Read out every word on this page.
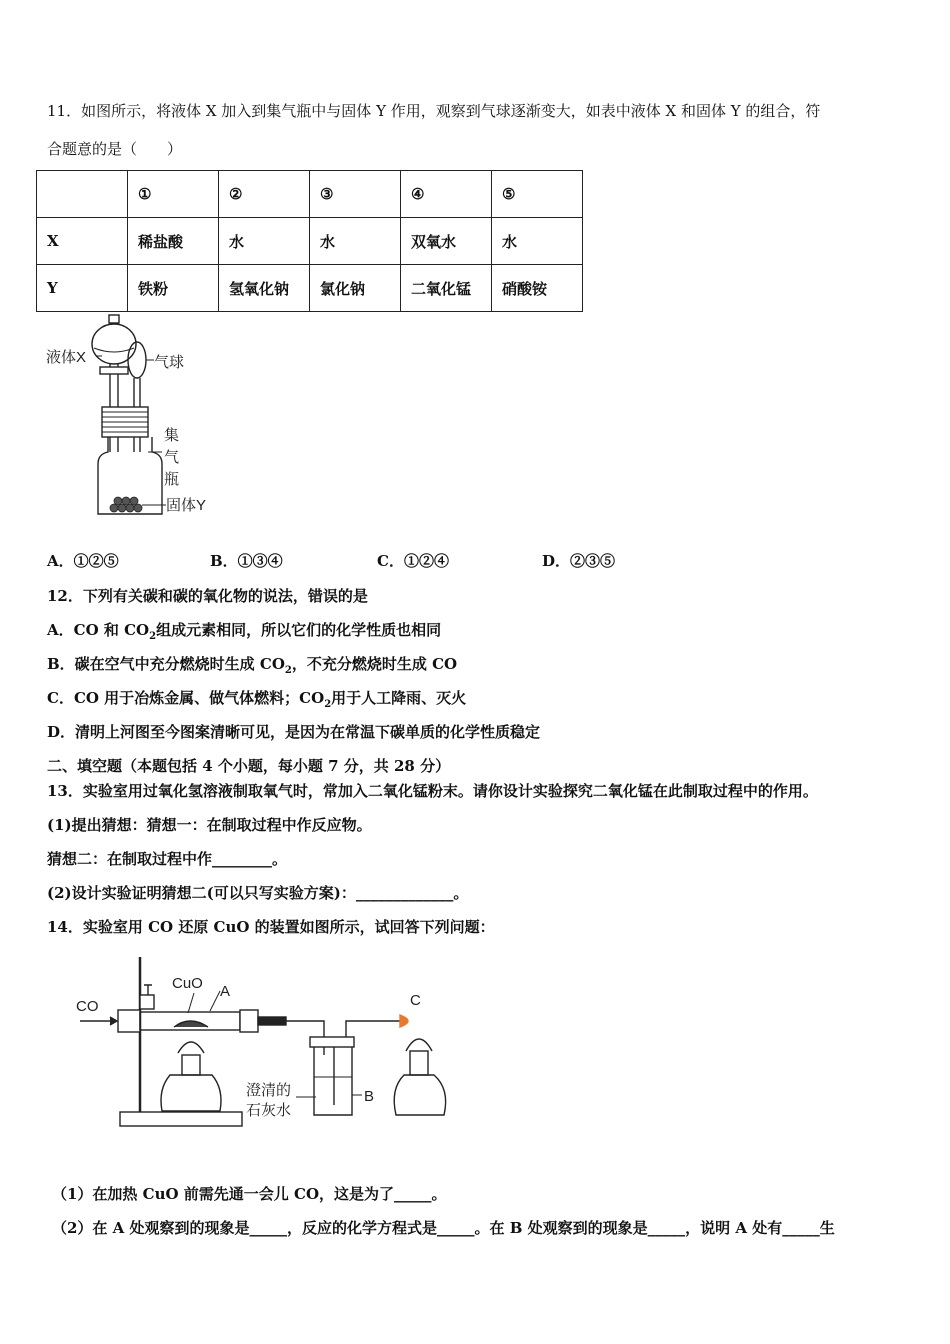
11．如图所示，将液体 X 加入到集气瓶中与固体 Y 作用，观察到气球逐渐变大，如表中液体 X 和固体 Y 的组合，符
合题意的是（　　）
	①	②	③	④	⑤
X	稀盐酸	水	水	双氧水	水
Y	铁粉	氢氧化钠	氯化钠	二氧化锰	硝酸铵
液体X	气球
集
气
瓶
固体Y
A．①②⑤	B．①③④	C．①②④	D．②③⑤
12．下列有关碳和碳的氧化物的说法，错误的是
A．CO 和 $CO_2$组成元素相同，所以它们的化学性质也相同
B．碳在空气中充分燃烧时生成 $CO_2$，不充分燃烧时生成 CO
C．CO 用于冶炼金属、做气体燃料；$CO_2$用于人工降雨、灭火
D．清明上河图至今图案清晰可见，是因为在常温下碳单质的化学性质稳定
二、填空题（本题包括 4 个小题，每小题 7 分，共 28 分）
13．实验室用过氧化氢溶液制取氧气时，常加入二氧化锰粉末。请你设计实验探究二氧化锰在此制取过程中的作用。
(1)提出猜想：猜想一：在制取过程中作反应物。
猜想二：在制取过程中作________。
(2)设计实验证明猜想二(可以只写实验方案)：_____________。
14．实验室用 CO 还原 CuO 的装置如图所示，试回答下列问题：
CO
CuO A
C
B
澄清的
石灰水
（1）在加热 CuO 前需先通一会儿 CO，这是为了_____。
（2）在 A 处观察到的现象是_____，反应的化学方程式是_____。在 B 处观察到的现象是_____，说明 A 处有_____生
